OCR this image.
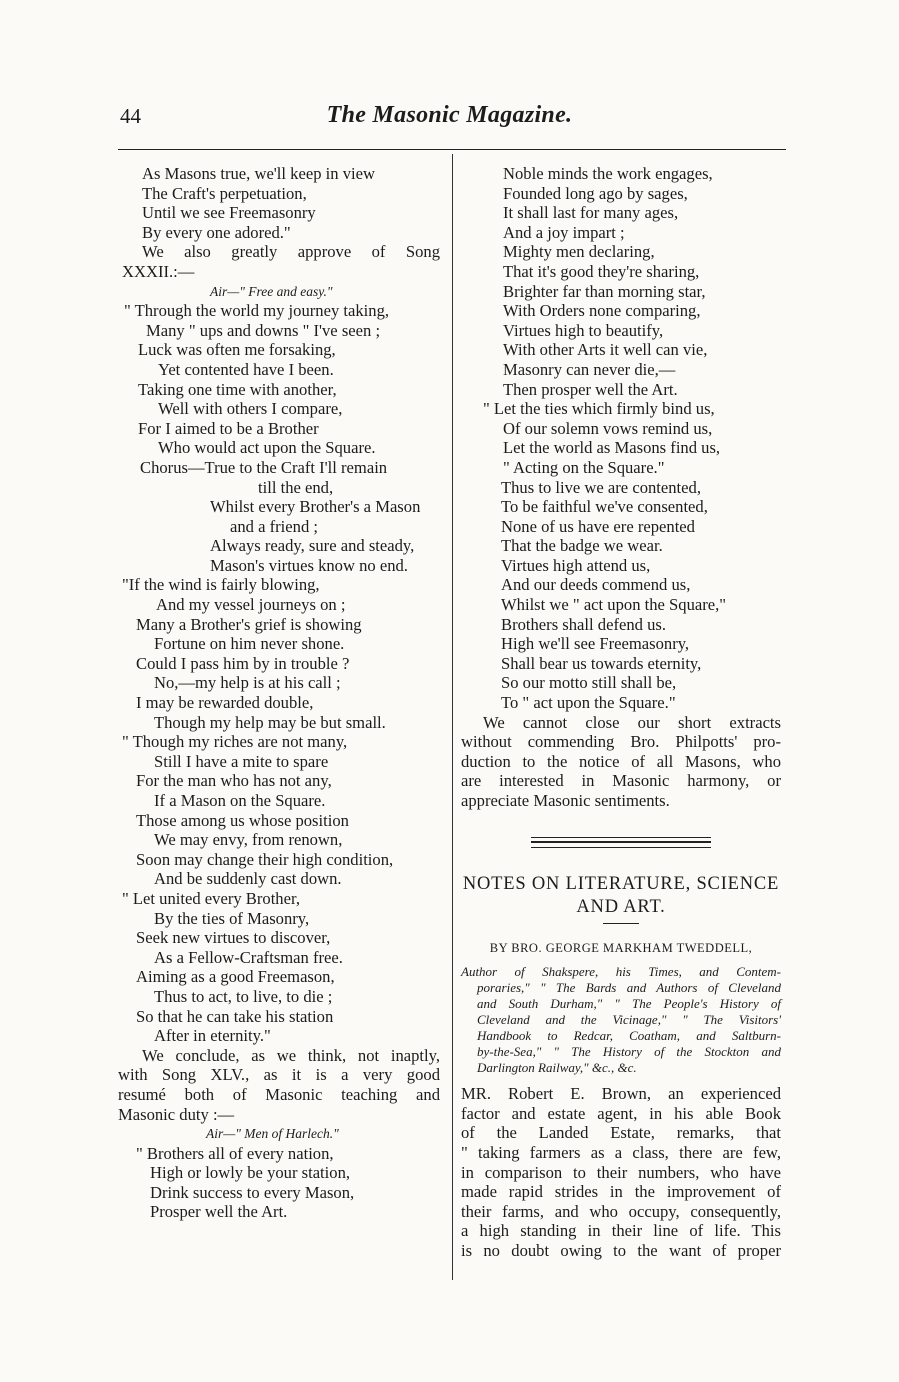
44	The Masonic Magazine.
As Masons true, we'll keep in view
The Craft's perpetuation,
Until we see Freemasonry
By every one adored."
We also greatly approve of Song
XXXII.:—
Air—" Free and easy."
" Through the world my journey taking,
Many " ups and downs " I've seen ;
Luck was often me forsaking,
Yet contented have I been.
Taking one time with another,
Well with others I compare,
For I aimed to be a Brother
Who would act upon the Square.
Chorus—True to the Craft I'll remain
till the end,
Whilst every Brother's a Mason
and a friend ;
Always ready, sure and steady,
Mason's virtues know no end.
"If the wind is fairly blowing,
And my vessel journeys on ;
Many a Brother's grief is showing
Fortune on him never shone.
Could I pass him by in trouble ?
No,—my help is at his call ;
I may be rewarded double,
Though my help may be but small.
" Though my riches are not many,
Still I have a mite to spare
For the man who has not any,
If a Mason on the Square.
Those among us whose position
We may envy, from renown,
Soon may change their high condition,
And be suddenly cast down.
" Let united every Brother,
By the ties of Masonry,
Seek new virtues to discover,
As a Fellow-Craftsman free.
Aiming as a good Freemason,
Thus to act, to live, to die ;
So that he can take his station
After in eternity."
We conclude, as we think, not inaptly,
with Song XLV., as it is a very good
resumé both of Masonic teaching and
Masonic duty :—
Air—" Men of Harlech."
" Brothers all of every nation,
High or lowly be your station,
Drink success to every Mason,
Prosper well the Art.
Noble minds the work engages,
Founded long ago by sages,
It shall last for many ages,
And a joy impart ;
Mighty men declaring,
That it's good they're sharing,
Brighter far than morning star,
With Orders none comparing,
Virtues high to beautify,
With other Arts it well can vie,
Masonry can never die,—
Then prosper well the Art.
" Let the ties which firmly bind us,
Of our solemn vows remind us,
Let the world as Masons find us,
" Acting on the Square."
Thus to live we are contented,
To be faithful we've consented,
None of us have ere repented
That the badge we wear.
Virtues high attend us,
And our deeds commend us,
Whilst we " act upon the Square,"
Brothers shall defend us.
High we'll see Freemasonry,
Shall bear us towards eternity,
So our motto still shall be,
To " act upon the Square."
We cannot close our short extracts
without commending Bro. Philpotts' pro-
duction to the notice of all Masons, who
are interested in Masonic harmony, or
appreciate Masonic sentiments.
NOTES ON LITERATURE, SCIENCE
AND ART.
BY BRO. GEORGE MARKHAM TWEDDELL,
Author of Shakspere, his Times, and Contem-
poraries," " The Bards and Authors of Cleveland
and South Durham," " The People's History of
Cleveland and the Vicinage," " The Visitors'
Handbook to Redcar, Coatham, and Saltburn-
by-the-Sea," " The History of the Stockton and
Darlington Railway," &c., &c.
MR. Robert E. Brown, an experienced
factor and estate agent, in his able Book
of the Landed Estate, remarks, that
" taking farmers as a class, there are few,
in comparison to their numbers, who have
made rapid strides in the improvement of
their farms, and who occupy, consequently,
a high standing in their line of life. This
is no doubt owing to the want of proper
